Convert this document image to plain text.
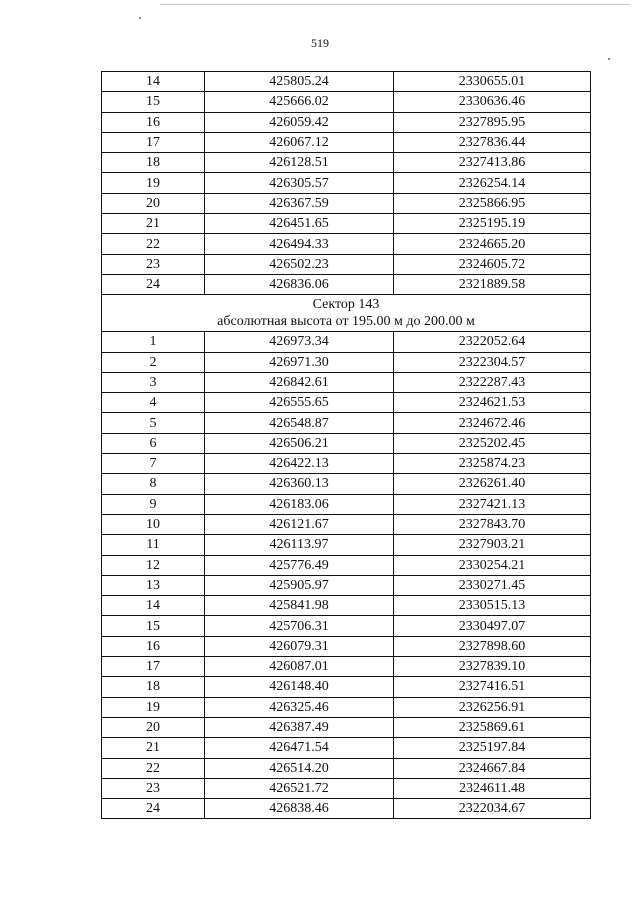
519
14	425805.24	2330655.01
15	425666.02	2330636.46
16	426059.42	2327895.95
17	426067.12	2327836.44
18	426128.51	2327413.86
19	426305.57	2326254.14
20	426367.59	2325866.95
21	426451.65	2325195.19
22	426494.33	2324665.20
23	426502.23	2324605.72
24	426836.06	2321889.58

Сектор 143
абсолютная высота от 195.00 м до 200.00 м		

1	426973.34	2322052.64
2	426971.30	2322304.57
3	426842.61	2322287.43
4	426555.65	2324621.53
5	426548.87	2324672.46
6	426506.21	2325202.45
7	426422.13	2325874.23
8	426360.13	2326261.40
9	426183.06	2327421.13
10	426121.67	2327843.70
11	426113.97	2327903.21
12	425776.49	2330254.21
13	425905.97	2330271.45
14	425841.98	2330515.13
15	425706.31	2330497.07
16	426079.31	2327898.60
17	426087.01	2327839.10
18	426148.40	2327416.51
19	426325.46	2326256.91
20	426387.49	2325869.61
21	426471.54	2325197.84
22	426514.20	2324667.84
23	426521.72	2324611.48
24	426838.46	2322034.67
